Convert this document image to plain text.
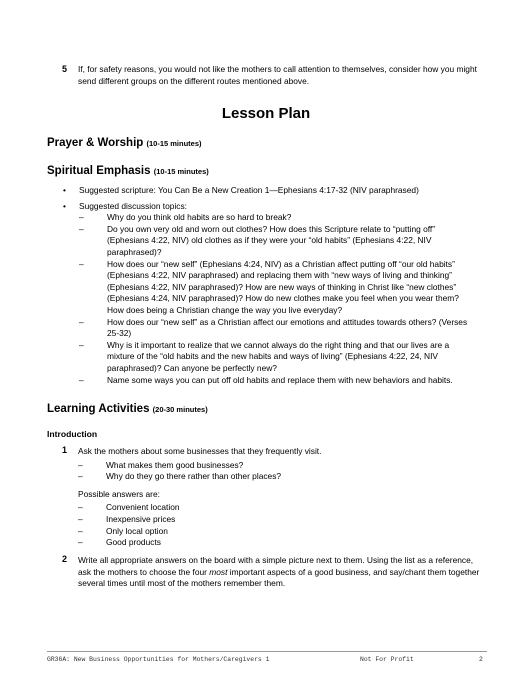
5 If, for safety reasons, you would not like the mothers to call attention to themselves, consider how you might send different groups on the different routes mentioned above.
Lesson Plan
Prayer & Worship (10-15 minutes)
Spiritual Emphasis (10-15 minutes)
• Suggested scripture: You Can Be a New Creation 1—Ephesians 4:17-32 (NIV paraphrased)
• Suggested discussion topics:
– Why do you think old habits are so hard to break?
– Do you own very old and worn out clothes? How does this Scripture relate to “putting off” (Ephesians 4:22, NIV) old clothes as if they were your “old habits” (Ephesians 4:22, NIV paraphrased)?
– How does our “new self” (Ephesians 4:24, NIV) as a Christian affect putting off “our old habits” (Ephesians 4:22, NIV paraphrased) and replacing them with “new ways of living and thinking” (Ephesians 4:22, NIV paraphrased)? How are new ways of thinking in Christ like “new clothes” (Ephesians 4:24, NIV paraphrased)? How do new clothes make you feel when you wear them? How does being a Christian change the way you live everyday?
– How does our “new self” as a Christian affect our emotions and attitudes towards others? (Verses 25-32)
– Why is it important to realize that we cannot always do the right thing and that our lives are a mixture of the “old habits and the new habits and ways of living” (Ephesians 4:22, 24, NIV paraphrased)? Can anyone be perfectly new?
– Name some ways you can put off old habits and replace them with new behaviors and habits.
Learning Activities (20-30 minutes)
Introduction
1 Ask the mothers about some businesses that they frequently visit.
– What makes them good businesses?
– Why do they go there rather than other places?
Possible answers are:
– Convenient location
– Inexpensive prices
– Only local option
– Good products
2 Write all appropriate answers on the board with a simple picture next to them. Using the list as a reference, ask the mothers to choose the four most important aspects of a good business, and say/chant them together several times until most of the mothers remember them.
GR36A: New Business Opportunities for Mothers/Caregivers 1	Not For Profit	2
